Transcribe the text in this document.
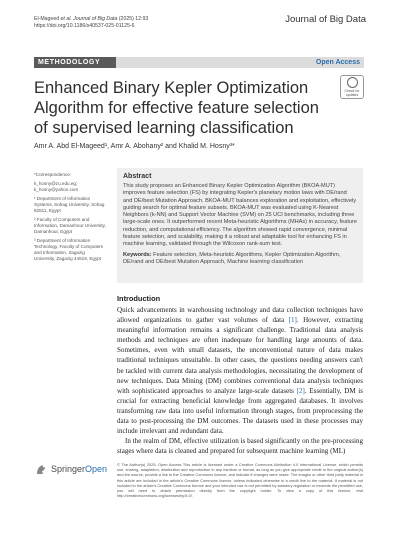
El-Mageed et al. Journal of Big Data (2025) 12:93
https://doi.org/10.1186/s40537-025-01125-6
Journal of Big Data
METHODOLOGY	Open Access
Check for updates
Enhanced Binary Kepler Optimization Algorithm for effective feature selection of supervised learning classification
Amr A. Abd El-Mageed¹, Amr A. Abohany² and Khalid M. Hosny³*
*Correspondence:
k_hosny@zu.edu.eg; k_hosny@yahoo.com
¹ Department of Information Systems, Sohag University, Sohag 82511, Egypt
² Faculty of Computers and Information, Damanhour University, Damanhour, Egypt
³ Department of Information Technology, Faculty of Computers and Information, Zagazig University, Zagazig 44519, Egypt
Abstract
This study proposes an Enhanced Binary Kepler Optimization Algorithm (BKOA-MUT) improves feature selection (FS) by integrating Kepler's planetary motion laws with DE/rand and DE/best Mutation Approach. BKOA-MUT balances exploration and exploitation, effectively guiding search for optimal feature subsets. BKOA-MUT was evaluated using K-Nearest Neighbors (k-NN) and Support Vector Machine (SVM) on 25 UCI benchmarks, including three large-scale ones. It outperformed recent Meta-heuristic Algorithms (MHAs) in accuracy, feature reduction, and computational efficiency. The algorithm showed rapid convergence, minimal feature selection, and scalability, making it a robust and adaptable tool for enhancing FS in machine learning, validated through the Wilcoxon rank-sum test.
Keywords: Feature selection, Meta-heuristic Algorithms, Kepler Optimization Algorithm, DE/rand and DE/best Mutation Approach, Machine learning classification
Introduction

Quick advancements in warehousing technology and data collection techniques have allowed organizations to gather vast volumes of data [1]. However, extracting meaningful information remains a significant challenge. Traditional data analysis methods and techniques are often inadequate for handling large amounts of data. Sometimes, even with small datasets, the unconventional nature of data makes traditional techniques unsuitable. In other cases, the questions needing answers can't be tackled with current data analysis methodologies, necessitating the development of new techniques. Data Mining (DM) combines conventional data analysis techniques with sophisticated approaches to analyze large-scale datasets [2]. Essentially, DM is crucial for extracting beneficial knowledge from aggregated databases. It involves transforming raw data into useful information through stages, from preprocessing the data to post-processing the DM outcomes. The datasets used in these processes may include irrelevant and redundant data.

In the realm of DM, effective utilization is based significantly on the pre-processing stages where data is cleaned and prepared for subsequent machine learning (ML)

SpringerOpen	© The Author(s) 2025. Open Access This article is licensed under a Creative Commons Attribution 4.0 International License, which permits use, sharing, adaptation, distribution and reproduction in any medium or format, as long as you give appropriate credit to the original author(s) and the source, provide a link to the Creative Commons licence, and indicate if changes were made. The images or other third party material in this article are included in the article's Creative Commons licence, unless indicated otherwise in a credit line to the material. If material is not included in the article's Creative Commons licence and your intended use is not permitted by statutory regulation or exceeds the permitted use, you will need to obtain permission directly from the copyright holder. To view a copy of this licence, visit http://creativecommons.org/licenses/by/4.0/.
